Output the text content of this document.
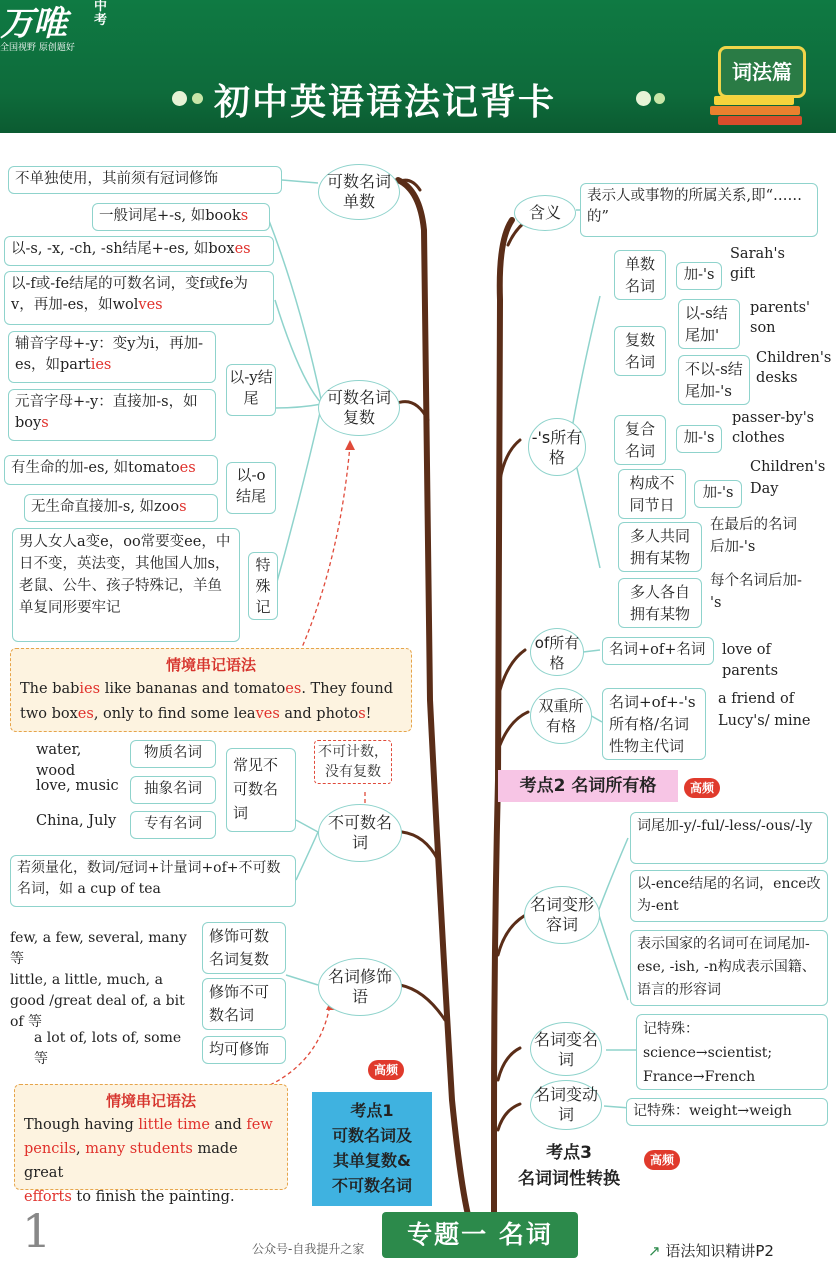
万唯 中考
全国视野 原创题好
初中英语语法记背卡
词法篇
不单独使用，其前须有冠词修饰	可数名词单数
一般词尾+-s, 如books
以-s, -x, -ch, -sh结尾+-es, 如boxes
以-f或-fe结尾的可数名词，变f或fe为v，再加-es，如wolves
辅音字母+-y：变y为i，再加-es，如parties
元音字母+-y：直接加-s，如boys
以-y结尾
有生命的加-es, 如tomatoes
无生命直接加-s, 如zoos
以-o结尾
男人女人a变e，oo常要变ee，中日不变，英法变，其他国人加s，老鼠、公牛、孩子特殊记，羊鱼单复同形要牢记
特殊记
可数名词复数
情境串记语法
The babies like bananas and tomatoes. They found
two boxes, only to find some leaves and photos!
不可计数，没有复数
water, wood
物质名词
love, music	抽象名词
China, July	专有名词
常见不可数名词
若须量化，数词/冠词+计量词+of+不可数名词，如 a cup of tea
不可数名词
few, a few, several, many等
修饰可数名词复数
little, a little, much, a good /great deal of, a bit of 等
修饰不可数名词
a lot of, lots of, some 等
均可修饰
名词修饰语
情境串记语法
Though having little time and few
pencils, many students made great
efforts to finish the painting.
高频
考点1
可数名词及
其单复数&
不可数名词
含义
表示人或事物的所属关系,即“……的”
-'s所有格
单数名词
加-'s
Sarah's gift
复数名词
以-s结尾加'
parents' son
不以-s结尾加-'s
Children's desks
复合名词
加-'s
passer-by's clothes
构成不同节日
加-'s
Children's Day
多人共同拥有某物
在最后的名词后加-'s
多人各自拥有某物
每个名词后加-'s
of所有格
名词+of+名词	love of parents
双重所有格
名词+of+-'s所有格/名词性物主代词
a friend of Lucy's/ mine
考点2 名词所有格	高频
名词变形容词
词尾加-y/-ful/-less/-ous/-ly
以-ence结尾的名词，ence改为-ent
表示国家的名词可在词尾加-ese, -ish, -n构成表示国籍、语言的形容词
名词变名词
记特殊：science→scientist; France→French
名词变动词	记特殊：weight→weigh
考点3
名词词性转换
高频
1	专题一 名词
公众号-自我提升之家	↗︎ 语法知识精讲P2
